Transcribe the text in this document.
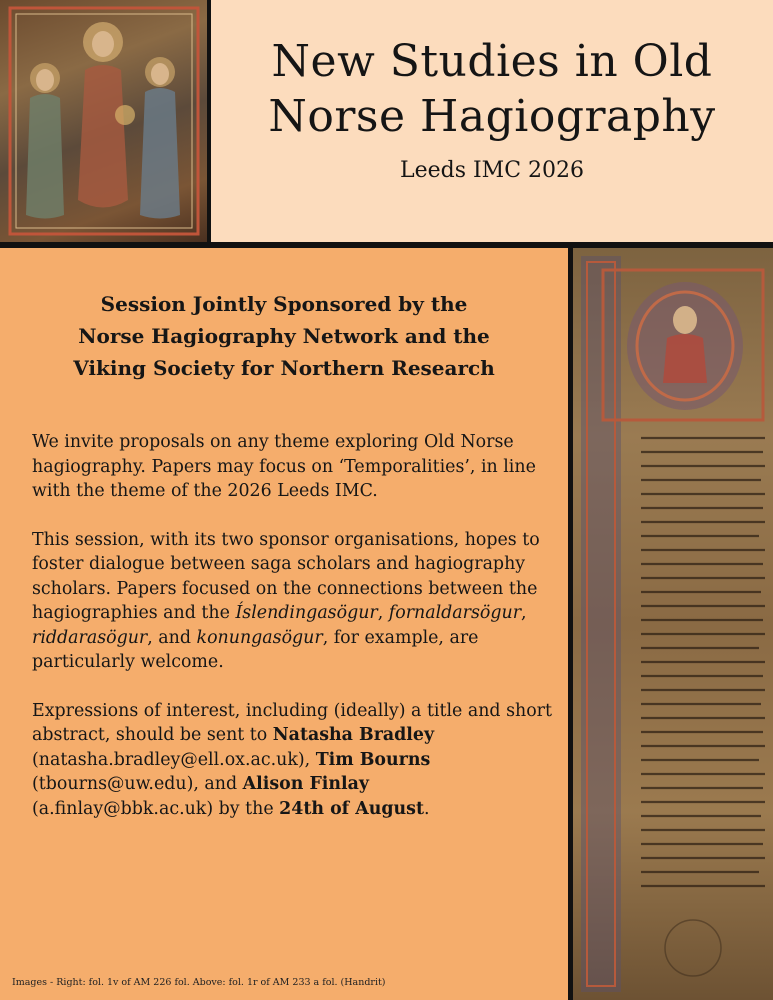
New Studies in Old
Norse Hagiography
Leeds IMC 2026
Session Jointly Sponsored by the
Norse Hagiography Network and the
Viking Society for Northern Research

We invite proposals on any theme exploring Old Norse hagiography. Papers may focus on ‘Temporalities’, in line with the theme of the 2026 Leeds IMC.

This session, with its two sponsor organisations, hopes to foster dialogue between saga scholars and hagiography scholars. Papers focused on the connections between the hagiographies and the Íslendingasögur, fornaldarsögur, riddarasögur, and konungasögur, for example, are particularly welcome.

Expressions of interest, including (ideally) a title and short abstract, should be sent to Natasha Bradley (natasha.bradley@ell.ox.ac.uk), Tim Bourns (tbourns@uw.edu), and Alison Finlay (a.finlay@bbk.ac.uk) by the 24th of August.

Images - Right: fol. 1v of AM 226 fol. Above: fol. 1r of AM 233 a fol. (Handrit)
